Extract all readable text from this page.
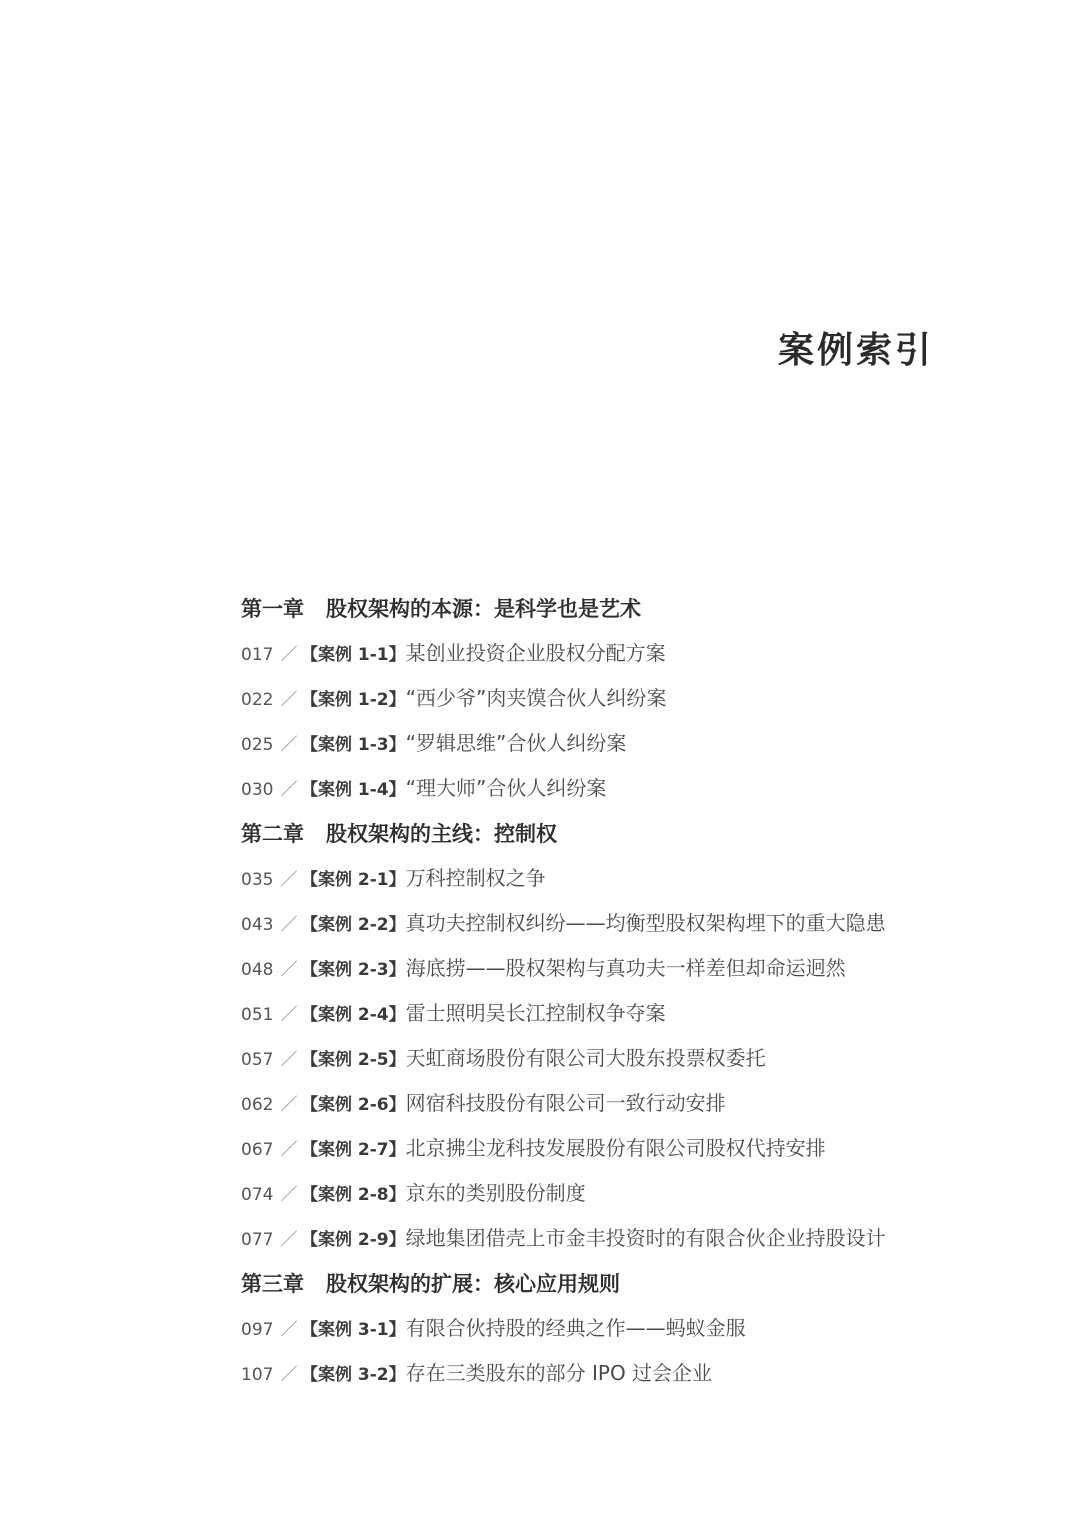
案例索引
第一章 股权架构的本源：是科学也是艺术
017 ／ 【案例 1-1】某创业投资企业股权分配方案
022 ／ 【案例 1-2】“西少爷”肉夹馍合伙人纠纷案
025 ／ 【案例 1-3】“罗辑思维”合伙人纠纷案
030 ／ 【案例 1-4】“理大师”合伙人纠纷案
第二章 股权架构的主线：控制权
035 ／ 【案例 2-1】万科控制权之争
043 ／ 【案例 2-2】真功夫控制权纠纷——均衡型股权架构埋下的重大隐患
048 ／ 【案例 2-3】海底捞——股权架构与真功夫一样差但却命运迥然
051 ／ 【案例 2-4】雷士照明吴长江控制权争夺案
057 ／ 【案例 2-5】天虹商场股份有限公司大股东投票权委托
062 ／ 【案例 2-6】网宿科技股份有限公司一致行动安排
067 ／ 【案例 2-7】北京拂尘龙科技发展股份有限公司股权代持安排
074 ／ 【案例 2-8】京东的类别股份制度
077 ／ 【案例 2-9】绿地集团借壳上市金丰投资时的有限合伙企业持股设计
第三章 股权架构的扩展：核心应用规则
097 ／ 【案例 3-1】有限合伙持股的经典之作——蚂蚁金服
107 ／ 【案例 3-2】存在三类股东的部分 IPO 过会企业
